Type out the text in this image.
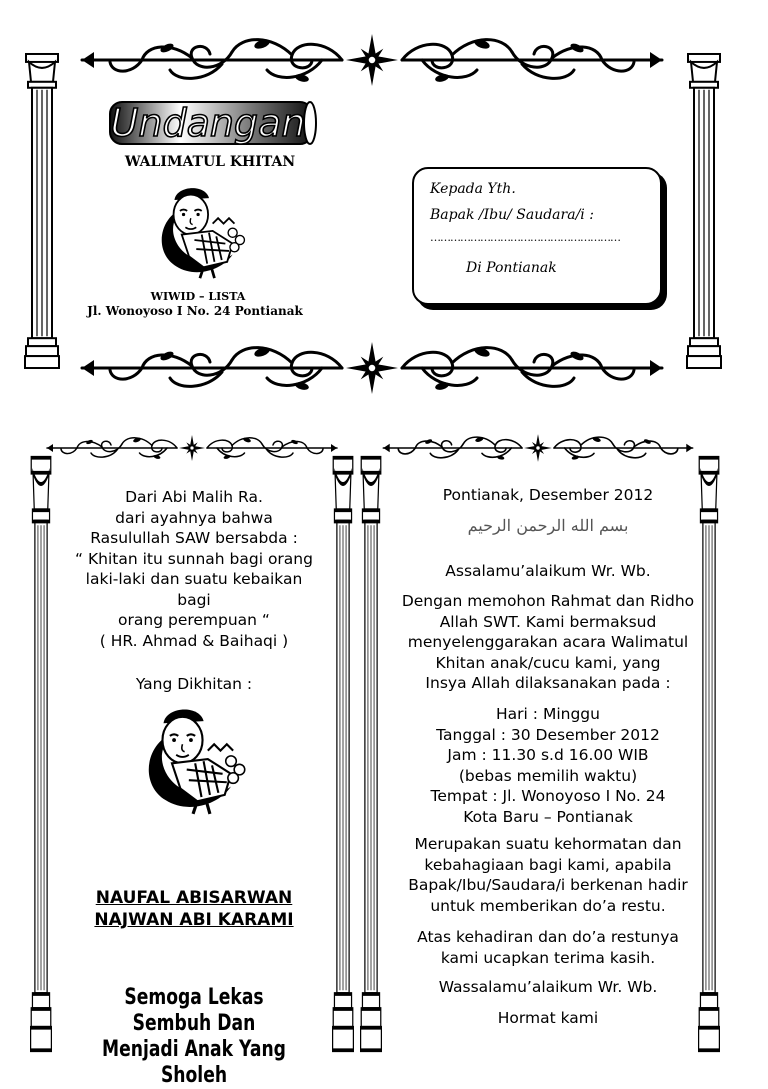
Undangan
WALIMATUL KHITAN
WIWID – LISTA
Jl. Wonoyoso I No. 24 Pontianak
Kepada Yth.
Bapak /Ibu/ Saudara/i :
…………………………………………………
Di Pontianak
Dari Abi Malih Ra.
dari ayahnya bahwa
Rasulullah SAW bersabda :
“ Khitan itu sunnah bagi orang
laki-laki dan suatu kebaikan
bagi
orang perempuan “
( HR. Ahmad & Baihaqi )
Yang Dikhitan :
NAUFAL ABISARWAN
NAJWAN ABI KARAMI
Semoga Lekas Sembuh Dan
Menjadi Anak Yang Sholeh
Pontianak, Desember 2012
بسم الله الرحمن الرحيم
Assalamu’alaikum Wr. Wb.
Dengan memohon Rahmat dan Ridho
Allah SWT. Kami bermaksud
menyelenggarakan acara Walimatul
Khitan anak/cucu kami, yang
Insya Allah dilaksanakan pada :
Hari : Minggu
Tanggal : 30 Desember 2012
Jam : 11.30 s.d 16.00 WIB
(bebas memilih waktu)
Tempat : Jl. Wonoyoso I No. 24
Kota Baru – Pontianak
Merupakan suatu kehormatan dan
kebahagiaan bagi kami, apabila
Bapak/Ibu/Saudara/i berkenan hadir
untuk memberikan do’a restu.
Atas kehadiran dan do’a restunya
kami ucapkan terima kasih.
Wassalamu’alaikum Wr. Wb.
Hormat kami
